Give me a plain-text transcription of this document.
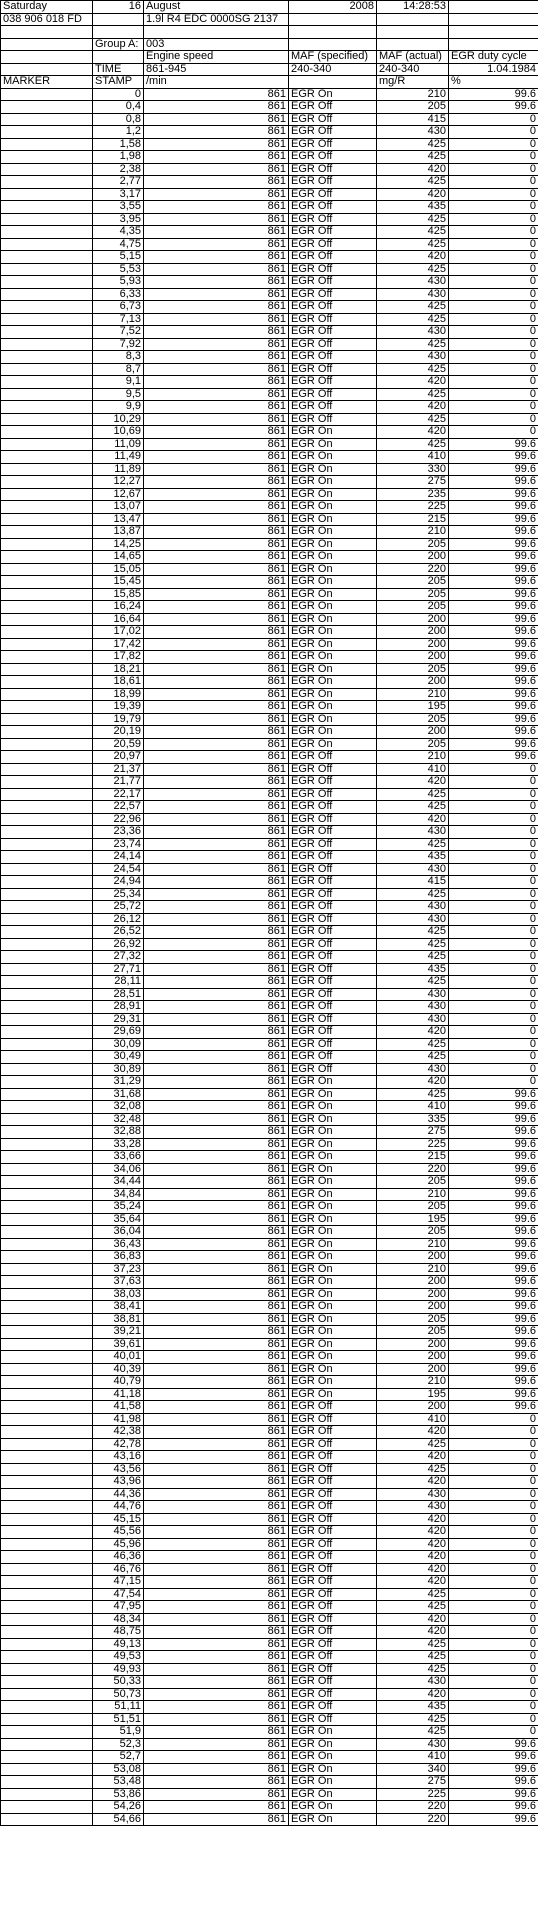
Saturday	16	August	2008	14:28:53	
038 906 018 FD		1.9l R4 EDC 0000SG 2137			

	Group A:	003			
		Engine speed	MAF (specified)	MAF (actual)	EGR duty cycle
	TIME	861-945	240-340	240-340	1.04.1984
MARKER	STAMP	/min		mg/R	%
	0	861	EGR On	210	99.6
	0,4	861	EGR Off	205	99.6
	0,8	861	EGR Off	415	0
	1,2	861	EGR Off	430	0
	1,58	861	EGR Off	425	0
	1,98	861	EGR Off	425	0
	2,38	861	EGR Off	420	0
	2,77	861	EGR Off	425	0
	3,17	861	EGR Off	420	0
	3,55	861	EGR Off	435	0
	3,95	861	EGR Off	425	0
	4,35	861	EGR Off	425	0
	4,75	861	EGR Off	425	0
	5,15	861	EGR Off	420	0
	5,53	861	EGR Off	425	0
	5,93	861	EGR Off	430	0
	6,33	861	EGR Off	430	0
	6,73	861	EGR Off	425	0
	7,13	861	EGR Off	425	0
	7,52	861	EGR Off	430	0
	7,92	861	EGR Off	425	0
	8,3	861	EGR Off	430	0
	8,7	861	EGR Off	425	0
	9,1	861	EGR Off	420	0
	9,5	861	EGR Off	425	0
	9,9	861	EGR Off	420	0
	10,29	861	EGR Off	425	0
	10,69	861	EGR On	420	0
	11,09	861	EGR On	425	99.6
	11,49	861	EGR On	410	99.6
	11,89	861	EGR On	330	99.6
	12,27	861	EGR On	275	99.6
	12,67	861	EGR On	235	99.6
	13,07	861	EGR On	225	99.6
	13,47	861	EGR On	215	99.6
	13,87	861	EGR On	210	99.6
	14,25	861	EGR On	205	99.6
	14,65	861	EGR On	200	99.6
	15,05	861	EGR On	220	99.6
	15,45	861	EGR On	205	99.6
	15,85	861	EGR On	205	99.6
	16,24	861	EGR On	205	99.6
	16,64	861	EGR On	200	99.6
	17,02	861	EGR On	200	99.6
	17,42	861	EGR On	200	99.6
	17,82	861	EGR On	200	99.6
	18,21	861	EGR On	205	99.6
	18,61	861	EGR On	200	99.6
	18,99	861	EGR On	210	99.6
	19,39	861	EGR On	195	99.6
	19,79	861	EGR On	205	99.6
	20,19	861	EGR On	200	99.6
	20,59	861	EGR On	205	99.6
	20,97	861	EGR Off	210	99.6
	21,37	861	EGR Off	410	0
	21,77	861	EGR Off	420	0
	22,17	861	EGR Off	425	0
	22,57	861	EGR Off	425	0
	22,96	861	EGR Off	420	0
	23,36	861	EGR Off	430	0
	23,74	861	EGR Off	425	0
	24,14	861	EGR Off	435	0
	24,54	861	EGR Off	430	0
	24,94	861	EGR Off	415	0
	25,34	861	EGR Off	425	0
	25,72	861	EGR Off	430	0
	26,12	861	EGR Off	430	0
	26,52	861	EGR Off	425	0
	26,92	861	EGR Off	425	0
	27,32	861	EGR Off	425	0
	27,71	861	EGR Off	435	0
	28,11	861	EGR Off	425	0
	28,51	861	EGR Off	430	0
	28,91	861	EGR Off	430	0
	29,31	861	EGR Off	430	0
	29,69	861	EGR Off	420	0
	30,09	861	EGR Off	425	0
	30,49	861	EGR Off	425	0
	30,89	861	EGR Off	430	0
	31,29	861	EGR On	420	0
	31,68	861	EGR On	425	99.6
	32,08	861	EGR On	410	99.6
	32,48	861	EGR On	335	99.6
	32,88	861	EGR On	275	99.6
	33,28	861	EGR On	225	99.6
	33,66	861	EGR On	215	99.6
	34,06	861	EGR On	220	99.6
	34,44	861	EGR On	205	99.6
	34,84	861	EGR On	210	99.6
	35,24	861	EGR On	205	99.6
	35,64	861	EGR On	195	99.6
	36,04	861	EGR On	205	99.6
	36,43	861	EGR On	210	99.6
	36,83	861	EGR On	200	99.6
	37,23	861	EGR On	210	99.6
	37,63	861	EGR On	200	99.6
	38,03	861	EGR On	200	99.6
	38,41	861	EGR On	200	99.6
	38,81	861	EGR On	205	99.6
	39,21	861	EGR On	205	99.6
	39,61	861	EGR On	200	99.6
	40,01	861	EGR On	200	99.6
	40,39	861	EGR On	200	99.6
	40,79	861	EGR On	210	99.6
	41,18	861	EGR On	195	99.6
	41,58	861	EGR Off	200	99.6
	41,98	861	EGR Off	410	0
	42,38	861	EGR Off	420	0
	42,78	861	EGR Off	425	0
	43,16	861	EGR Off	420	0
	43,56	861	EGR Off	425	0
	43,96	861	EGR Off	420	0
	44,36	861	EGR Off	430	0
	44,76	861	EGR Off	430	0
	45,15	861	EGR Off	420	0
	45,56	861	EGR Off	420	0
	45,96	861	EGR Off	420	0
	46,36	861	EGR Off	420	0
	46,76	861	EGR Off	420	0
	47,15	861	EGR Off	420	0
	47,54	861	EGR Off	425	0
	47,95	861	EGR Off	425	0
	48,34	861	EGR Off	420	0
	48,75	861	EGR Off	420	0
	49,13	861	EGR Off	425	0
	49,53	861	EGR Off	425	0
	49,93	861	EGR Off	425	0
	50,33	861	EGR Off	430	0
	50,73	861	EGR Off	420	0
	51,11	861	EGR Off	435	0
	51,51	861	EGR Off	425	0
	51,9	861	EGR On	425	0
	52,3	861	EGR On	430	99.6
	52,7	861	EGR On	410	99.6
	53,08	861	EGR On	340	99.6
	53,48	861	EGR On	275	99.6
	53,86	861	EGR On	225	99.6
	54,26	861	EGR On	220	99.6
	54,66	861	EGR On	220	99.6
